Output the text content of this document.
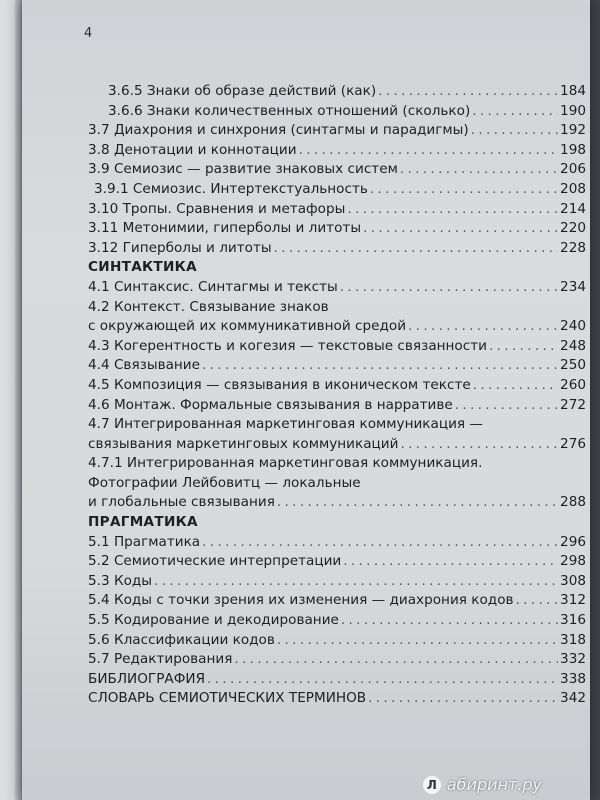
4
3.6.5 Знаки об образе действий (как) . . .	184
3.6.6 Знаки количественных отношений (сколько) . . .	190
3.7 Диахрония и синхрония (синтагмы и парадигмы) . . .	192
3.8 Денотации и коннотации . . .	198
3.9 Семиозис — развитие знаковых систем . . .	206
3.9.1 Семиозис. Интертекстуальность . . .	208
3.10 Тропы. Сравнения и метафоры . . .	214
3.11 Метонимии, гиперболы и литоты . . .	220
3.12 Гиперболы и литоты . . .	228
СИНТАКТИКА
4.1 Синтаксис. Синтагмы и тексты . . .	234
4.2 Контекст. Связывание знаков
с окружающей их коммуникативной средой . . .	240
4.3 Когерентность и когезия — текстовые связанности . . .	248
4.4 Связывание . . .	250
4.5 Композиция — связывания в иконическом тексте . . .	260
4.6 Монтаж. Формальные связывания в нарративе . . .	272
4.7 Интегрированная маркетинговая коммуникация —
связывания маркетинговых коммуникаций . . .	276
4.7.1 Интегрированная маркетинговая коммуникация.
Фотографии Лейбовитц — локальные
и глобальные связывания . . .	288
ПРАГМАТИКА
5.1 Прагматика . . .	296
5.2 Семиотические интерпретации . . .	298
5.3 Коды . . .	308
5.4 Коды с точки зрения их изменения — диахрония кодов . . .	312
5.5 Кодирование и декодирование . . .	316
5.6 Классификации кодов . . .	318
5.7 Редактирования . . .	332
БИБЛИОГРАФИЯ . . .	338
СЛОВАРЬ СЕМИОТИЧЕСКИХ ТЕРМИНОВ . . .	342
Л абиринт.ру
